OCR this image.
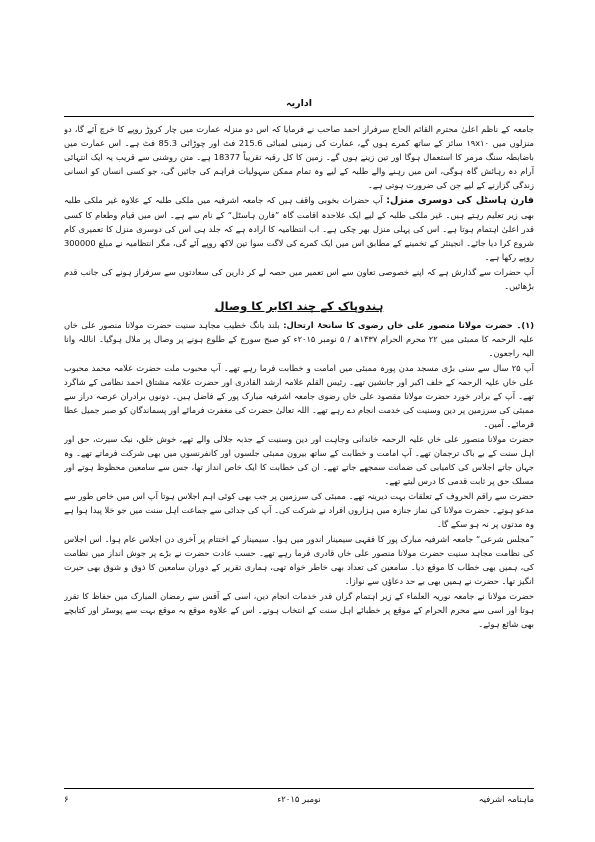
اداریہ

جامعہ کے ناظم اعلیٰ محترم القائم الحاج سرفراز احمد صاحب نے فرمایا کہ اس دو منزلہ عمارت میں چار کروڑ روپے کا خرچ آئے گا، دو منزلوں میں ۱۹x۱۰ سائز کے ساتھ کمرے ہوں گے، عمارت کی زمینی لمبائی 215.6 فٹ اور چوڑائی 85.3 فٹ ہے۔ اس عمارت میں باضابطہ سنگ مرمر کا استعمال ہوگا اور تین زینے ہوں گے۔ زمین کا کل رقبہ تقریباً 18377 ہے۔ متن روشنی سے قریب یہ ایک انتہائی آرام دہ رہائش گاہ ہوگی، اس میں رہنے والے طلبہ کے لیے وہ تمام ممکن سہولیات فراہم کی جائیں گی، جو کسی انسان کو انسانی زندگی گزارنے کے لیے جن کی ضرورت ہوتی ہے۔

فارن ہاسٹل کی دوسری منزل: آپ حضرات بخوبی واقف ہیں کہ جامعہ اشرفیہ میں ملکی طلبہ کے علاوہ غیر ملکی طلبہ بھی زیر تعلیم رہتے ہیں۔ غیر ملکی طلبہ کے لیے ایک علاحدہ اقامت گاہ ”فارن ہاسٹل“ کے نام سے ہے۔ اس میں قیام وطعام کا کسی قدر اعلیٰ اہتمام ہوتا ہے۔ اس کی پہلی منزل بھر چکی ہے۔ اب انتظامیہ کا ارادہ ہے کہ جلد ہی اس کی دوسری منزل کا تعمیری کام شروع کرا دیا جائے۔ انجینئر کے تخمینے کے مطابق اس میں ایک کمرے کی لاگت سوا تین لاکھ روپے آئے گی، مگر انتظامیہ نے مبلغ 300000 روپے رکھا ہے۔

آپ حضرات سے گذارش ہے کہ اپنے خصوصی تعاون سے اس تعمیر میں حصہ لے کر دارین کی سعادتوں سے سرفراز ہونے کی جانب قدم بڑھائیں۔

ہندوپاک کے چند اکابر کا وصال

(۱)۔ حضرت مولانا منصور علی خاں رضوی کا سانحۂ ارتحال: بلند بانگ خطیب مجاہد سنیت حضرت مولانا منصور علی خاں علیہ الرحمہ کا ممبئی میں ۲۲ محرم الحرام ۱۴۳۷ھ / ۵ نومبر ۲۰۱۵ء کو صبح سورج کے طلوع ہونے پر وصال پر ملال ہوگیا۔ اناللہ وانا الیہ راجعون۔

آپ ۲۵ سال سے سنی بڑی مسجد مدن پورہ ممبئی میں امامت و خطابت فرما رہے تھے۔ آپ محبوب ملت حضرت علامہ محمد محبوب علی خاں علیہ الرحمہ کے خلف اکبر اور جانشین تھے۔ رئیس القلم علامہ ارشد القادری اور حضرت علامہ مشتاق احمد نظامی کے شاگرد تھے۔ آپ کے برادر خورد حضرت مولانا مقصود علی خاں رضوی جامعہ اشرفیہ مبارک پور کے فاضل ہیں۔ دونوں برادران عرصہ دراز سے ممبئی کی سرزمین پر دین وسنیت کی خدمت انجام دے رہے تھے۔ اللہ تعالیٰ حضرت کی مغفرت فرمائے اور پسماندگان کو صبر جمیل عطا فرمائے۔ آمین۔

حضرت مولانا منصور علی خاں علیہ الرحمہ خاندانی وجاہت اور دین وسنیت کے جذبہ جلالی والے تھے، خوش خلق، نیک سیرت، حق اور اہل سنت کے بے باک ترجمان تھے۔ آپ امامت و خطابت کے ساتھ بیرون ممبئی جلسوں اور کانفرنسوں میں بھی شرکت فرماتے تھے۔ وہ جہاں جاتے اجلاس کی کامیابی کی ضمانت سمجھے جاتے تھے۔ ان کی خطابت کا ایک خاص انداز تھا، جس سے سامعین محظوظ ہوتے اور مسلک حق پر ثابت قدمی کا درس لیتے تھے۔

حضرت سے راقم الحروف کے تعلقات بہت دیرینہ تھے۔ ممبئی کی سرزمین پر جب بھی کوئی اہم اجلاس ہوتا آپ اس میں خاص طور سے مدعو ہوتے۔ حضرت مولانا کی نماز جنازہ میں ہزاروں افراد نے شرکت کی۔ آپ کی جدائی سے جماعت اہل سنت میں جو خلا پیدا ہوا ہے وہ مدتوں پر نہ ہو سکے گا۔

”مجلس شرعی“ جامعہ اشرفیہ مبارک پور کا فقہی سیمینار اندور میں ہوا۔ سیمینار کے اختتام پر آخری دن اجلاس عام ہوا۔ اس اجلاس کی نظامت مجاہد سنیت حضرت مولانا منصور علی خاں قادری فرما رہے تھے۔ حسب عادت حضرت نے بڑے پر جوش انداز میں نظامت کی، ہمیں بھی خطاب کا موقع دیا۔ سامعین کی تعداد بھی خاطر خواہ تھی، ہماری تقریر کے دوران سامعین کا ذوق و شوق بھی حیرت انگیز تھا۔ حضرت نے ہمیں بھی بے حد دعاؤں سے نوازا۔

حضرت مولانا نے جامعہ نوریہ العلماء کے زیر اہتمام گراں قدر خدمات انجام دیں، اسی کے آفس سے رمضان المبارک میں حفاظ کا تقرر ہوتا اور اسی سے محرم الحرام کے موقع پر خطبائے اہل سنت کے انتخاب ہوتے۔ اس کے علاوہ موقع بہ موقع بہت سے پوسٹر اور کتابچے بھی شائع ہوئے۔

ماہنامہ اشرفیہ
نومبر ۲۰۱۵ء
۶
